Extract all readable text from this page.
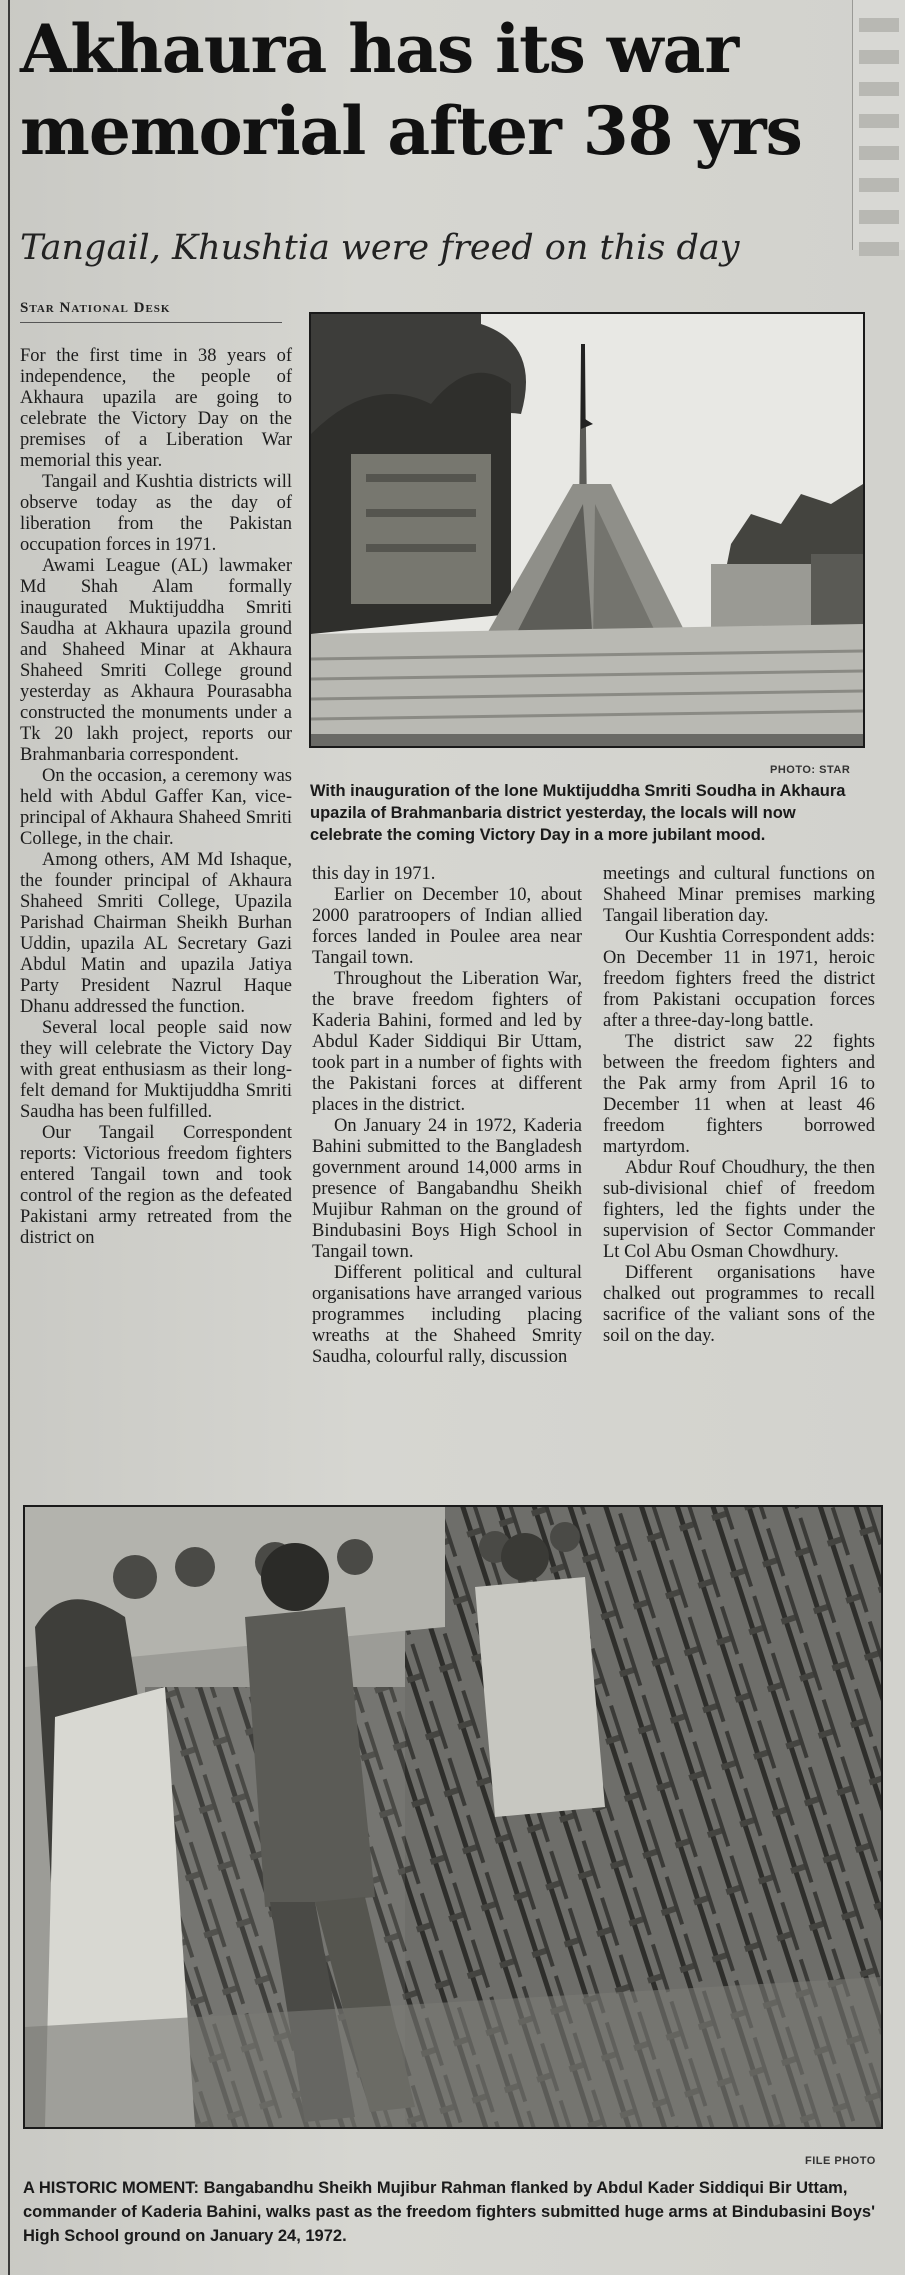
Akhaura has its war memorial after 38 yrs
Tangail, Khushtia were freed on this day
Star National Desk

For the first time in 38 years of independence, the people of Akhaura upazila are going to celebrate the Victory Day on the premises of a Liberation War memorial this year.

Tangail and Kushtia districts will observe today as the day of liberation from the Pakistan occupation forces in 1971.

Awami League (AL) lawmaker Md Shah Alam formally inaugurated Muktijuddha Smriti Saudha at Akhaura upazila ground and Shaheed Minar at Akhaura Shaheed Smriti College ground yesterday as Akhaura Pourasabha constructed the monuments under a Tk 20 lakh project, reports our Brahmanbaria correspondent.

On the occasion, a ceremony was held with Abdul Gaffer Kan, vice-principal of Akhaura Shaheed Smriti College, in the chair.

Among others, AM Md Ishaque, the founder principal of Akhaura Shaheed Smriti College, Upazila Parishad Chairman Sheikh Burhan Uddin, upazila AL Secretary Gazi Abdul Matin and upazila Jatiya Party President Nazrul Haque Dhanu addressed the function.

Several local people said now they will celebrate the Victory Day with great enthusiasm as their long-felt demand for Muktijuddha Smriti Saudha has been fulfilled.

Our Tangail Correspondent reports: Victorious freedom fighters entered Tangail town and took control of the region as the defeated Pakistani army retreated from the district on

PHOTO: STAR
With inauguration of the lone Muktijuddha Smriti Soudha in Akhaura upazila of Brahmanbaria district yesterday, the locals will now celebrate the coming Victory Day in a more jubilant mood.

this day in 1971.

Earlier on December 10, about 2000 paratroopers of Indian allied forces landed in Poulee area near Tangail town.

Throughout the Liberation War, the brave freedom fighters of Kaderia Bahini, formed and led by Abdul Kader Siddiqui Bir Uttam, took part in a number of fights with the Pakistani forces at different places in the district.

On January 24 in 1972, Kaderia Bahini submitted to the Bangladesh government around 14,000 arms in presence of Bangabandhu Sheikh Mujibur Rahman on the ground of Bindubasini Boys High School in Tangail town.

Different political and cultural organisations have arranged various programmes including placing wreaths at the Shaheed Smrity Saudha, colourful rally, discussion

meetings and cultural functions on Shaheed Minar premises marking Tangail liberation day.

Our Kushtia Correspondent adds: On December 11 in 1971, heroic freedom fighters freed the district from Pakistani occupation forces after a three-day-long battle.

The district saw 22 fights between the freedom fighters and the Pak army from April 16 to December 11 when at least 46 freedom fighters borrowed martyrdom.

Abdur Rouf Choudhury, the then sub-divisional chief of freedom fighters, led the fights under the supervision of Sector Commander Lt Col Abu Osman Chowdhury.

Different organisations have chalked out programmes to recall sacrifice of the valiant sons of the soil on the day.

FILE PHOTO
A HISTORIC MOMENT: Bangabandhu Sheikh Mujibur Rahman flanked by Abdul Kader Siddiqui Bir Uttam, commander of Kaderia Bahini, walks past as the freedom fighters submitted huge arms at Bindubasini Boys' High School ground on January 24, 1972.
